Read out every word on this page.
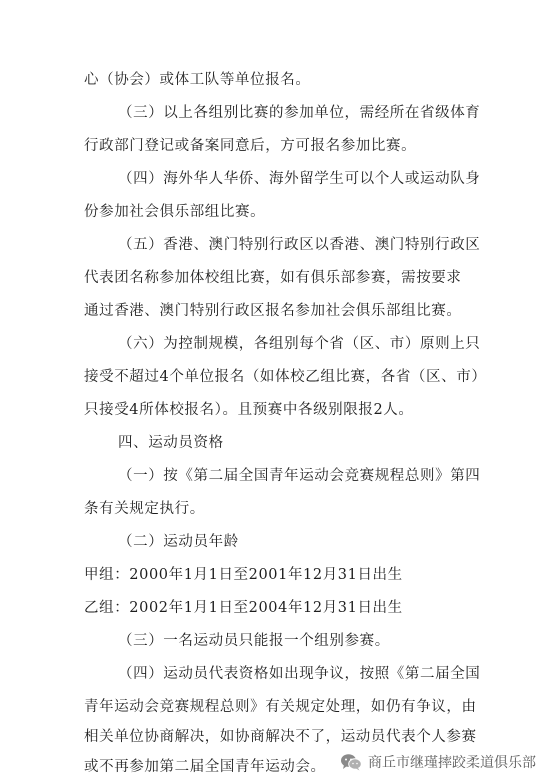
心（协会）或体工队等单位报名。
（三）以上各组别比赛的参加单位，需经所在省级体育
行政部门登记或备案同意后，方可报名参加比赛。
（四）海外华人华侨、海外留学生可以个人或运动队身
份参加社会俱乐部组比赛。
（五）香港、澳门特别行政区以香港、澳门特别行政区
代表团名称参加体校组比赛，如有俱乐部参赛，需按要求
通过香港、澳门特别行政区报名参加社会俱乐部组比赛。
（六）为控制规模，各组别每个省（区、市）原则上只
接受不超过4个单位报名（如体校乙组比赛，各省（区、市）
只接受4所体校报名）。且预赛中各级别限报2人。
四、运动员资格
（一）按《第二届全国青年运动会竞赛规程总则》第四
条有关规定执行。
（二）运动员年龄
甲组：2000年1月1日至2001年12月31日出生
乙组：2002年1月1日至2004年12月31日出生
（三）一名运动员只能报一个组别参赛。
（四）运动员代表资格如出现争议，按照《第二届全国
青年运动会竞赛规程总则》有关规定处理，如仍有争议，由
相关单位协商解决，如协商解决不了，运动员代表个人参赛
或不再参加第二届全国青年运动会。	商丘市继瑾摔跤柔道俱乐部
